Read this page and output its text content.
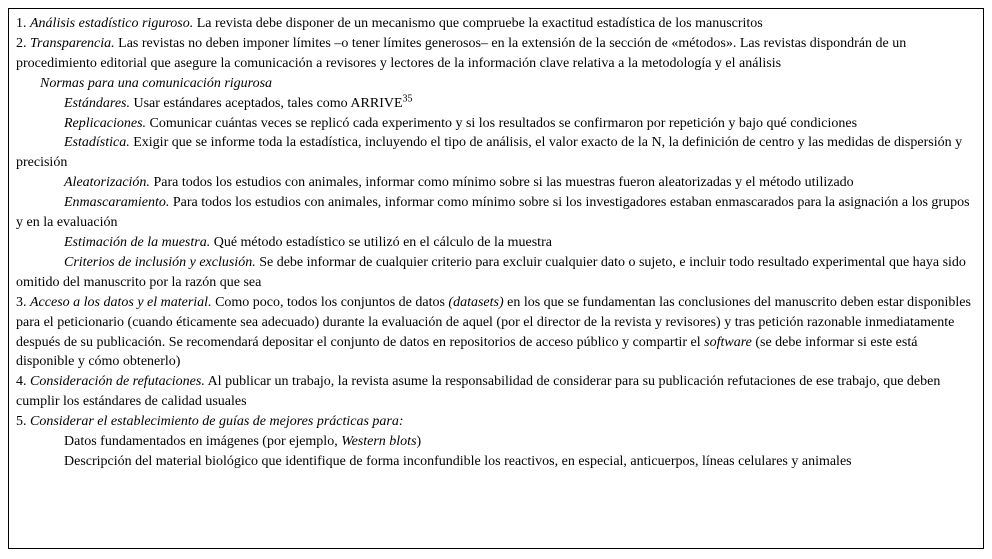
1. Análisis estadístico riguroso. La revista debe disponer de un mecanismo que compruebe la exactitud estadística de los manuscritos

2. Transparencia. Las revistas no deben imponer límites –o tener límites generosos– en la extensión de la sección de «métodos». Las revistas dispondrán de un procedimiento editorial que asegure la comunicación a revisores y lectores de la información clave relativa a la metodología y el análisis

Normas para una comunicación rigurosa

Estándares. Usar estándares aceptados, tales como ARRIVE$^{35}$

Replicaciones. Comunicar cuántas veces se replicó cada experimento y si los resultados se confirmaron por repetición y bajo qué condiciones

Estadística. Exigir que se informe toda la estadística, incluyendo el tipo de análisis, el valor exacto de la N, la definición de centro y las medidas de dispersión y precisión

Aleatorización. Para todos los estudios con animales, informar como mínimo sobre si las muestras fueron aleatorizadas y el método utilizado

Enmascaramiento. Para todos los estudios con animales, informar como mínimo sobre si los investigadores estaban enmascarados para la asignación a los grupos y en la evaluación

Estimación de la muestra. Qué método estadístico se utilizó en el cálculo de la muestra

Criterios de inclusión y exclusión. Se debe informar de cualquier criterio para excluir cualquier dato o sujeto, e incluir todo resultado experimental que haya sido omitido del manuscrito por la razón que sea

3. Acceso a los datos y el material. Como poco, todos los conjuntos de datos (datasets) en los que se fundamentan las conclusiones del manuscrito deben estar disponibles para el peticionario (cuando éticamente sea adecuado) durante la evaluación de aquel (por el director de la revista y revisores) y tras petición razonable inmediatamente después de su publicación. Se recomendará depositar el conjunto de datos en repositorios de acceso público y compartir el software (se debe informar si este está disponible y cómo obtenerlo)

4. Consideración de refutaciones. Al publicar un trabajo, la revista asume la responsabilidad de considerar para su publicación refutaciones de ese trabajo, que deben cumplir los estándares de calidad usuales

5. Considerar el establecimiento de guías de mejores prácticas para:

Datos fundamentados en imágenes (por ejemplo, Western blots)

Descripción del material biológico que identifique de forma inconfundible los reactivos, en especial, anticuerpos, líneas celulares y animales
